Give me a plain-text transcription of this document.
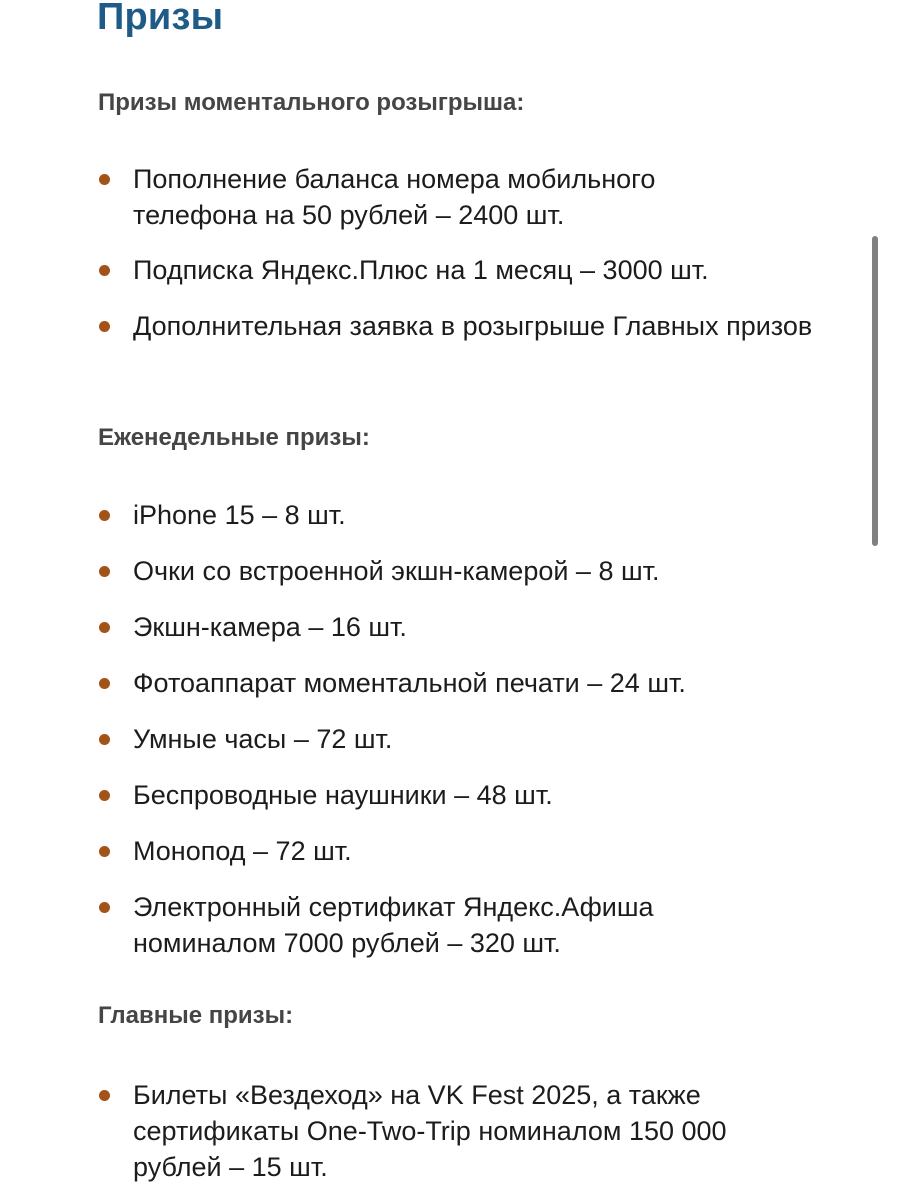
Призы
Призы моментального розыгрыша:
Пополнение баланса номера мобильного телефона на 50 рублей – 2400 шт.
Подписка Яндекс.Плюс на 1 месяц – 3000 шт.
Дополнительная заявка в розыгрыше Главных призов
Еженедельные призы:
iPhone 15 – 8 шт.
Очки со встроенной экшн-камерой – 8 шт.
Экшн-камера – 16 шт.
Фотоаппарат моментальной печати – 24 шт.
Умные часы – 72 шт.
Беспроводные наушники – 48 шт.
Монопод – 72 шт.
Электронный сертификат Яндекс.Афиша номиналом 7000 рублей – 320 шт.
Главные призы:
Билеты «Вездеход» на VK Fest 2025, а также сертификаты One-Two-Trip номиналом 150 000 рублей – 15 шт.
